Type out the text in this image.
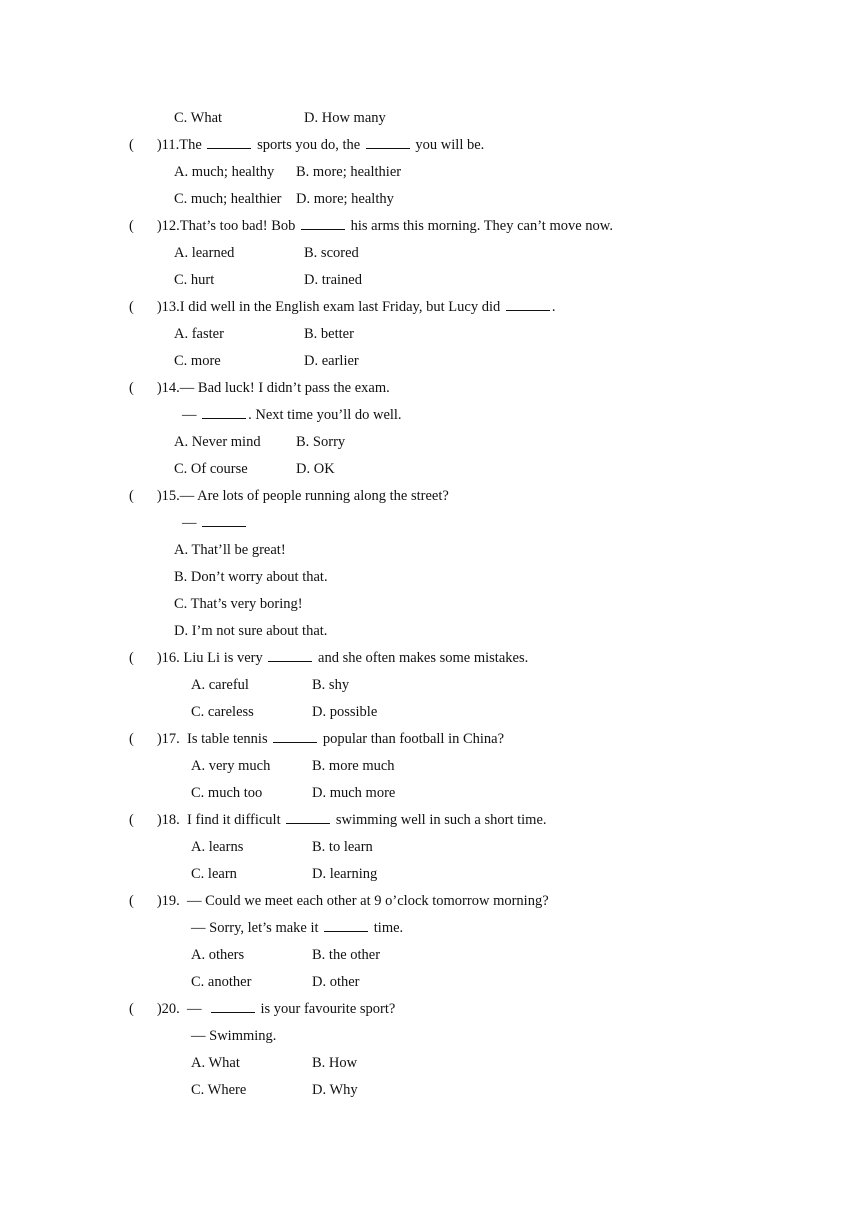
C. What	D. How many
( )11.The	sports you do, the	you will be.
A. much; healthy B. more; healthier
C. much; healthier D. more; healthy
( )12.That’s too bad! Bob	his arms this morning. They can’t move now.
A. learned	B. scored
C. hurt	D. trained
( )13.I did well in the English exam last Friday, but Lucy did	.
A. faster	B. better
C. more	D. earlier
( )14.— Bad luck! I didn’t pass the exam.
—	. Next time you’ll do well.
A. Never mind B. Sorry
C. Of course	D. OK
( )15.— Are lots of people running along the street?
—
A. That’ll be great!
B. Don’t worry about that.
C. That’s very boring!
D. I’m not sure about that.
( )16. Liu Li is very	and she often makes some mistakes.
A. careful	B. shy
C. careless	D. possible
( )17.  Is table tennis	popular than football in China?
A. very much	B. more much
C. much too	D. much more
( )18.  I find it difficult	swimming well in such a short time.
A. learns	B. to learn
C. learn	D. learning
( )19.  — Could we meet each other at 9 o’clock tomorrow morning?
— Sorry, let’s make it	time.
A. others	B. the other
C. another	D. other
( )20.  —	is your favourite sport?
— Swimming.
A. What	B. How
C. Where	D. Why
